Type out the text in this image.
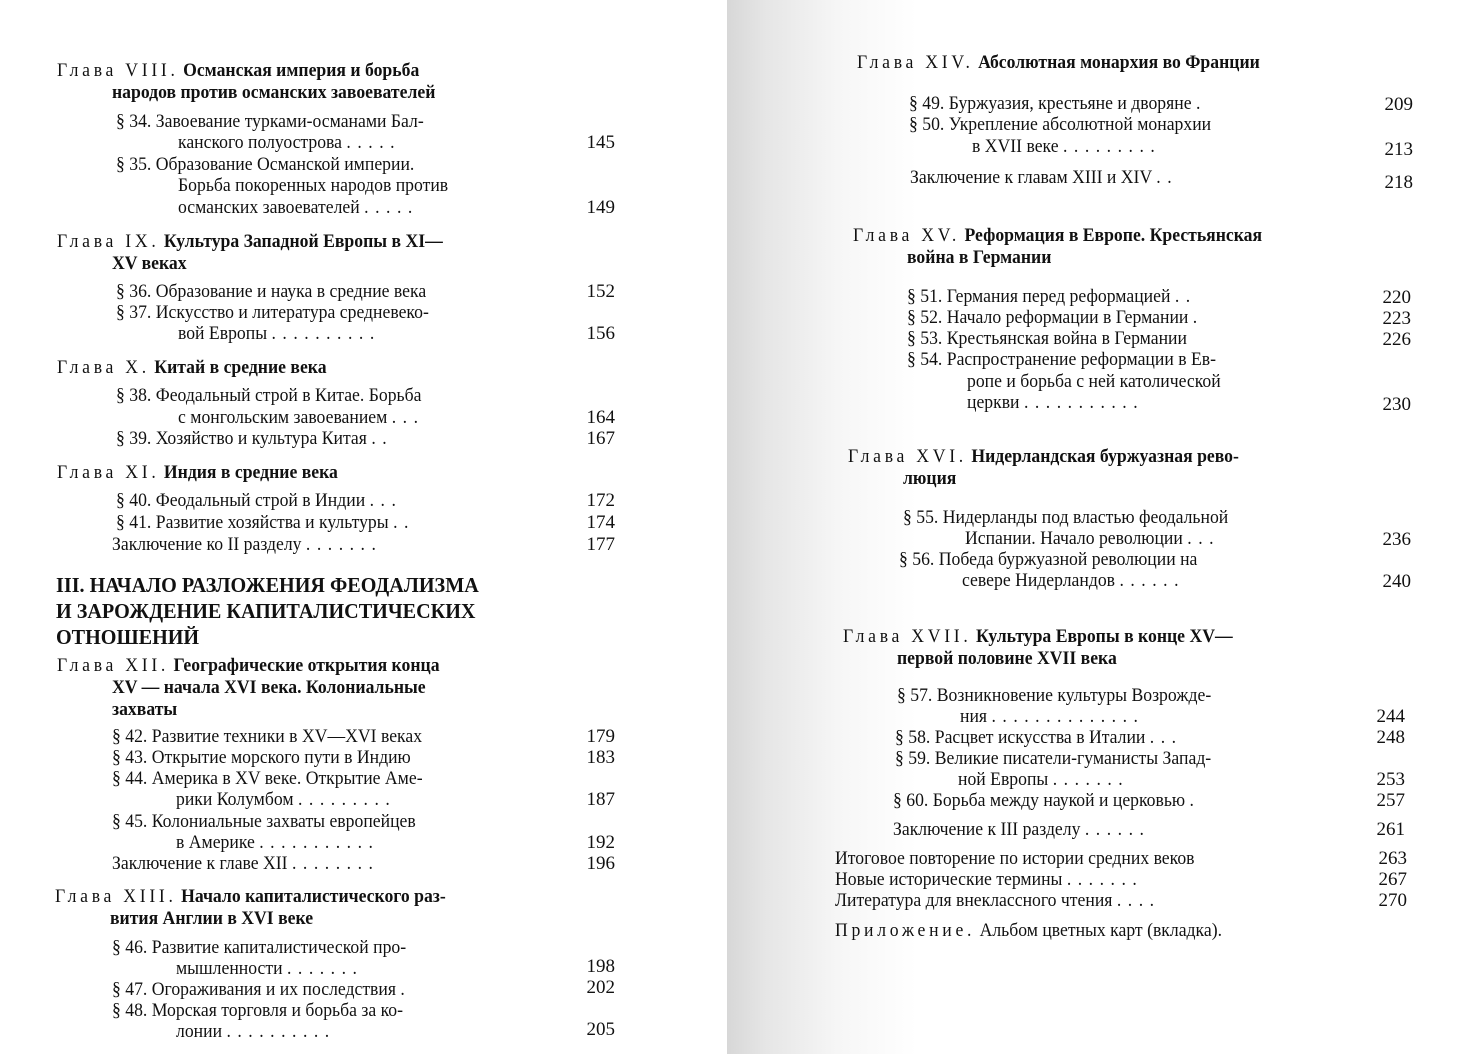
Глава VIII. Османская империя и борьба
народов против османских завоевателей
§ 34. Завоевание турками-османами Бал-
канского полуострова .....	145
§ 35. Образование Османской империи.
Борьба покоренных народов против
османских завоевателей .....	149
Глава IX. Культура Западной Европы в XI—
XV веках
§ 36. Образование и наука в средние века	152
§ 37. Искусство и литература средневеко-
вой Европы ..........	156
Глава X. Китай в средние века
§ 38. Феодальный строй в Китае. Борьба
с монгольским завоеванием ...	164
§ 39. Хозяйство и культура Китая ..	167
Глава XI. Индия в средние века
§ 40. Феодальный строй в Индии ...	172
§ 41. Развитие хозяйства и культуры ..	174
Заключение ко II разделу .......	177
III. НАЧАЛО РАЗЛОЖЕНИЯ ФЕОДАЛИЗМА
И ЗАРОЖДЕНИЕ КАПИТАЛИСТИЧЕСКИХ
ОТНОШЕНИЙ
Глава XII. Географические открытия конца
XV — начала XVI века. Колониальные
захваты
§ 42. Развитие техники в XV—XVI веках	179
§ 43. Открытие морского пути в Индию	183
§ 44. Америка в XV веке. Открытие Аме-
рики Колумбом .........	187
§ 45. Колониальные захваты европейцев
в Америке ...........	192
Заключение к главе XII ........	196
Глава XIII. Начало капиталистического раз-
вития Англии в XVI веке
§ 46. Развитие капиталистической про-
мышленности .......	198
§ 47. Огораживания и их последствия .	202
§ 48. Морская торговля и борьба за ко-
лонии ..........	205
Глава XIV. Абсолютная монархия во Франции
§ 49. Буржуазия, крестьяне и дворяне .	209
§ 50. Укрепление абсолютной монархии
в XVII веке .........	213
Заключение к главам XIII и XIV ..	218
Глава XV. Реформация в Европе. Крестьянская
война в Германии
§ 51. Германия перед реформацией ..	220
§ 52. Начало реформации в Германии .	223
§ 53. Крестьянская война в Германии	226
§ 54. Распространение реформации в Ев-
ропе и борьба с ней католической
церкви ...........	230
Глава XVI. Нидерландская буржуазная рево-
люция
§ 55. Нидерланды под властью феодальной
Испании. Начало революции ...	236
§ 56. Победа буржуазной революции на
севере Нидерландов ......	240
Глава XVII. Культура Европы в конце XV—
первой половине XVII века
§ 57. Возникновение культуры Возрожде-
ния ..............	244
§ 58. Расцвет искусства в Италии ...	248
§ 59. Великие писатели-гуманисты Запад-
ной Европы .......	253
§ 60. Борьба между наукой и церковью .	257
Заключение к III разделу ......	261
Итоговое повторение по истории средних веков	263
Новые исторические термины .......	267
Литература для внеклассного чтения ....	270
Приложение. Альбом цветных карт (вкладка).
